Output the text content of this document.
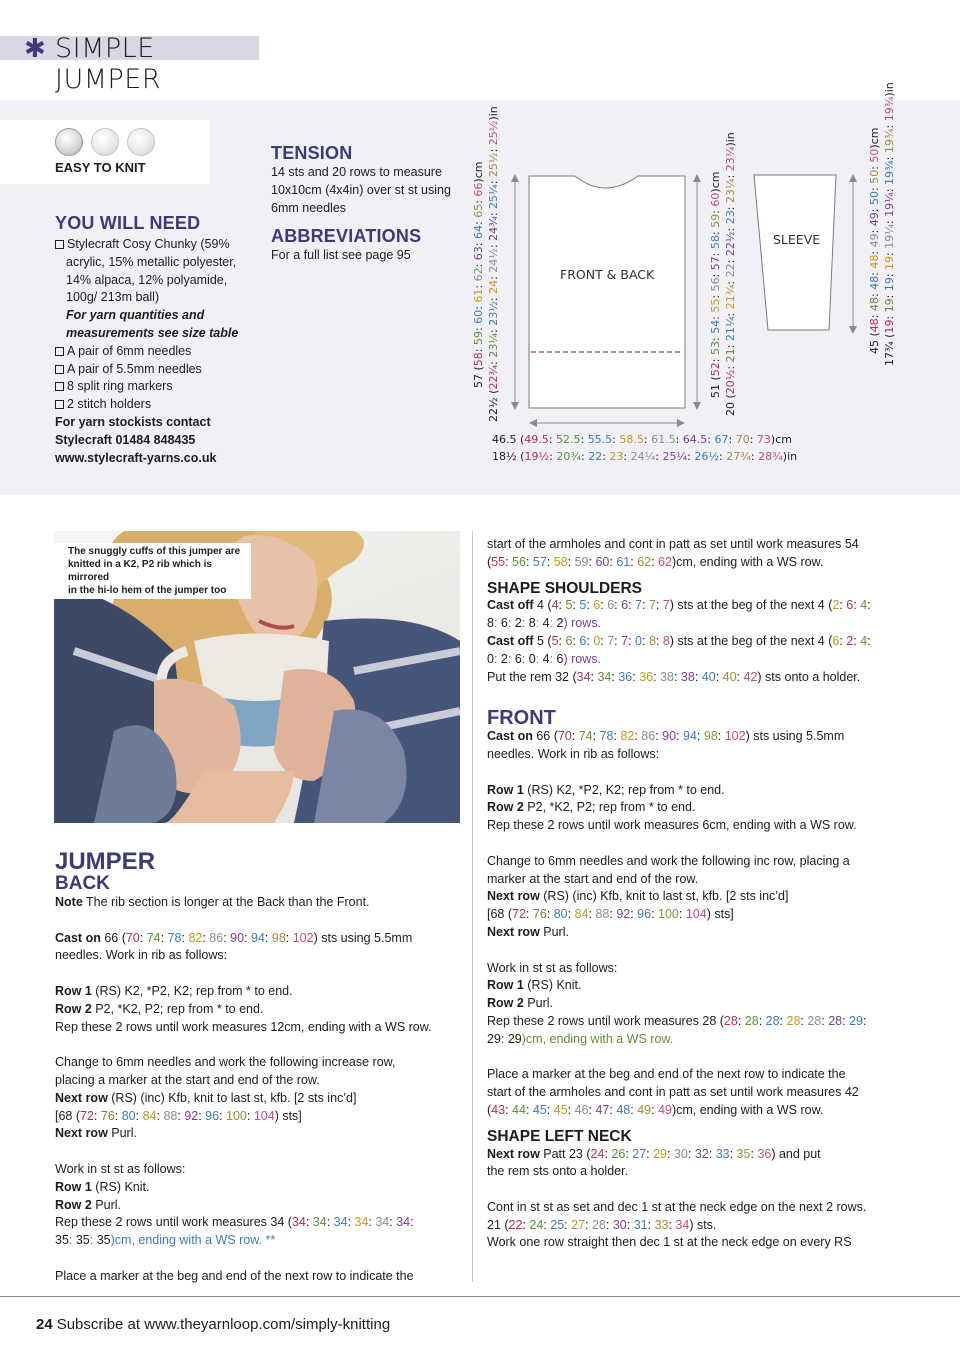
✱ SIMPLE JUMPER
EASY TO KNIT
YOU WILL NEED
Stylecraft Cosy Chunky (59%
acrylic, 15% metallic polyester,
14% alpaca, 12% polyamide,
100g/ 213m ball)
For yarn quantities and
measurements see size table
A pair of 6mm needles
A pair of 5.5mm needles
8 split ring markers
2 stitch holders
For yarn stockists contact
Stylecraft 01484 848435
www.stylecraft-yarns.co.uk
TENSION
14 sts and 20 rows to measure
10x10cm (4x4in) over st st using
6mm needles
ABBREVIATIONS
For a full list see page 95
FRONT & BACK
SLEEVE
57 (58: 59: 60: 61: 62: 63: 64: 65: 66)cm
22½ (22¾: 23¼: 23½: 24: 24½: 24¾: 25¼: 25½: 25½)in
51 (52: 53: 54: 55: 56: 57: 58: 59: 60)cm
20 (20½: 21: 21¼: 21¾: 22: 22½: 23: 23¼: 23¾)in
45 (48: 48: 48: 48: 49: 49: 50: 50: 50)cm
17¾ (19: 19: 19: 19: 19¼: 19¼: 19¾: 19¾: 19¾)in
46.5 (49.5: 52.5: 55.5: 58.5: 61.5: 64.5: 67: 70: 73)cm
18½ (19½: 20¾: 22: 23: 24¼: 25¼: 26½: 27¾: 28¾)in
The snuggly cuffs of this jumper are
knitted in a K2, P2 rib which is mirrored
in the hi-lo hem of the jumper too
JUMPER
BACK

Note The rib section is longer at the Back than the Front.

Cast on 66 (70: 74: 78: 82: 86: 90: 94: 98: 102) sts using 5.5mm

needles. Work in rib as follows:

Row 1 (RS) K2, *P2, K2; rep from * to end.

Row 2 P2, *K2, P2; rep from * to end.

Rep these 2 rows until work measures 12cm, ending with a WS row.

Change to 6mm needles and work the following increase row,

placing a marker at the start and end of the row.

Next row (RS) (inc) Kfb, knit to last st, kfb. [2 sts inc’d]

[68 (72: 76: 80: 84: 88: 92: 96: 100: 104) sts]

Next row Purl.

Work in st st as follows:

Row 1 (RS) Knit.

Row 2 Purl.

Rep these 2 rows until work measures 34 (34: 34: 34: 34: 34: 34:

35: 35: 35)cm, ending with a WS row. **

Place a marker at the beg and end of the next row to indicate the

start of the armholes and cont in patt as set until work measures 54

(55: 56: 57: 58: 59: 60: 61: 62: 62)cm, ending with a WS row.

SHAPE SHOULDERS

Cast off 4 (4: 5: 5: 6: 6: 6: 7: 7: 7) sts at the beg of the next 4 (2: 6: 4:

8: 6: 2: 8: 4: 2) rows.

Cast off 5 (5: 6: 6: 0: 7: 7: 0: 8: 8) sts at the beg of the next 4 (6: 2: 4:

0: 2: 6: 0: 4: 6) rows.

Put the rem 32 (34: 34: 36: 36: 38: 38: 40: 40: 42) sts onto a holder.

FRONT

Cast on 66 (70: 74: 78: 82: 86: 90: 94: 98: 102) sts using 5.5mm

needles. Work in rib as follows:

Row 1 (RS) K2, *P2, K2; rep from * to end.

Row 2 P2, *K2, P2; rep from * to end.

Rep these 2 rows until work measures 6cm, ending with a WS row.

Change to 6mm needles and work the following inc row, placing a

marker at the start and end of the row.

Next row (RS) (inc) Kfb, knit to last st, kfb. [2 sts inc’d]

[68 (72: 76: 80: 84: 88: 92: 96: 100: 104) sts]

Next row Purl.

Work in st st as follows:

Row 1 (RS) Knit.

Row 2 Purl.

Rep these 2 rows until work measures 28 (28: 28: 28: 28: 28: 28: 29:

29: 29)cm, ending with a WS row.

Place a marker at the beg and end of the next row to indicate the

start of the armholes and cont in patt as set until work measures 42

(43: 44: 45: 45: 46: 47: 48: 49: 49)cm, ending with a WS row.

SHAPE LEFT NECK

Next row Patt 23 (24: 26: 27: 29: 30: 32: 33: 35: 36) and put

the rem sts onto a holder.

Cont in st st as set and dec 1 st at the neck edge on the next 2 rows.

21 (22: 24: 25: 27: 28: 30: 31: 33: 34) sts.

Work one row straight then dec 1 st at the neck edge on every RS

24 Subscribe at www.theyarnloop.com/simply-knitting
